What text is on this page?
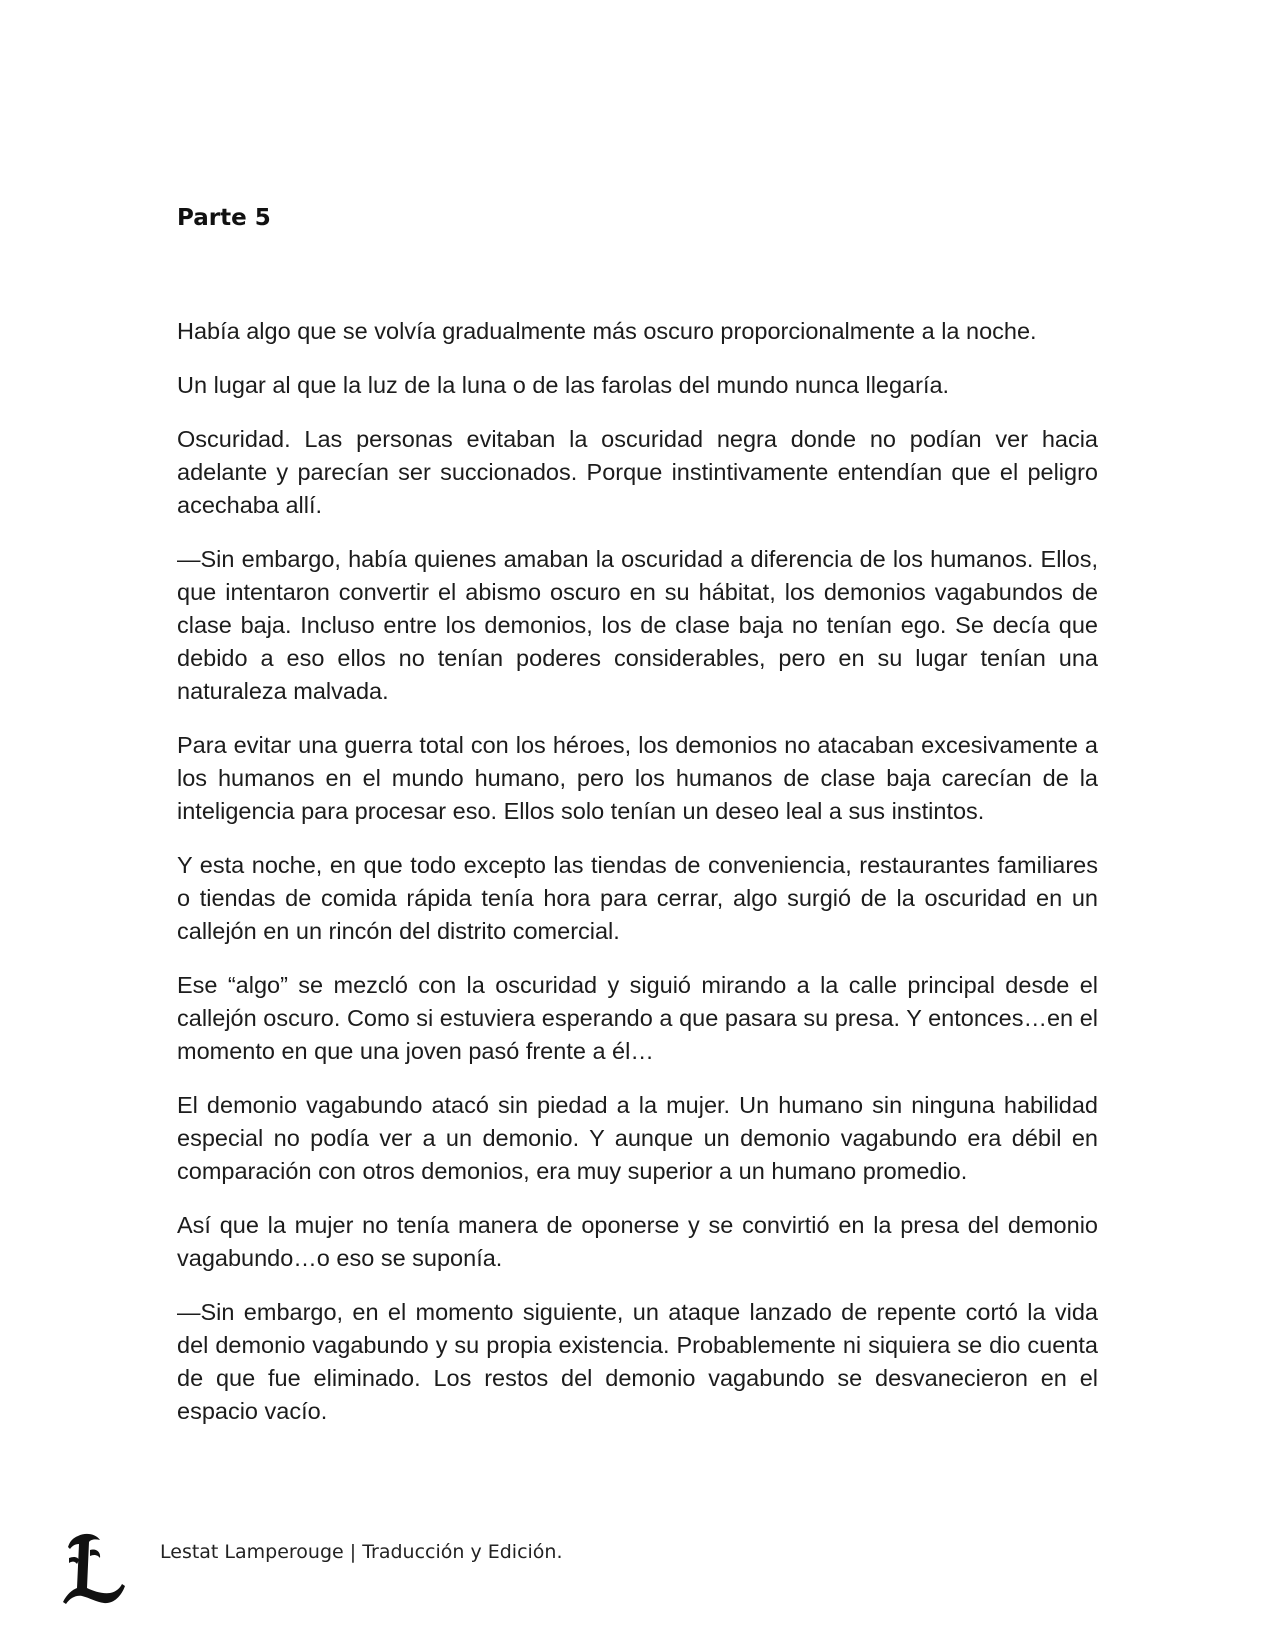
Parte 5

Había algo que se volvía gradualmente más oscuro proporcionalmente a la noche.

Un lugar al que la luz de la luna o de las farolas del mundo nunca llegaría.

Oscuridad. Las personas evitaban la oscuridad negra donde no podían ver hacia adelante y parecían ser succionados. Porque instintivamente entendían que el peligro acechaba allí.

—Sin embargo, había quienes amaban la oscuridad a diferencia de los humanos. Ellos, que intentaron convertir el abismo oscuro en su hábitat, los demonios vagabundos de clase baja. Incluso entre los demonios, los de clase baja no tenían ego. Se decía que debido a eso ellos no tenían poderes considerables, pero en su lugar tenían una naturaleza malvada.

Para evitar una guerra total con los héroes, los demonios no atacaban excesivamente a los humanos en el mundo humano, pero los humanos de clase baja carecían de la inteligencia para procesar eso. Ellos solo tenían un deseo leal a sus instintos.

Y esta noche, en que todo excepto las tiendas de conveniencia, restaurantes familiares o tiendas de comida rápida tenía hora para cerrar, algo surgió de la oscuridad en un callejón en un rincón del distrito comercial.

Ese “algo” se mezcló con la oscuridad y siguió mirando a la calle principal desde el callejón oscuro. Como si estuviera esperando a que pasara su presa. Y entonces…en el momento en que una joven pasó frente a él…

El demonio vagabundo atacó sin piedad a la mujer. Un humano sin ninguna habilidad especial no podía ver a un demonio. Y aunque un demonio vagabundo era débil en comparación con otros demonios, era muy superior a un humano promedio.

Así que la mujer no tenía manera de oponerse y se convirtió en la presa del demonio vagabundo…o eso se suponía.

—Sin embargo, en el momento siguiente, un ataque lanzado de repente cortó la vida del demonio vagabundo y su propia existencia. Probablemente ni siquiera se dio cuenta de que fue eliminado. Los restos del demonio vagabundo se desvanecieron en el espacio vacío.

Lestat Lamperouge | Traducción y Edición.
